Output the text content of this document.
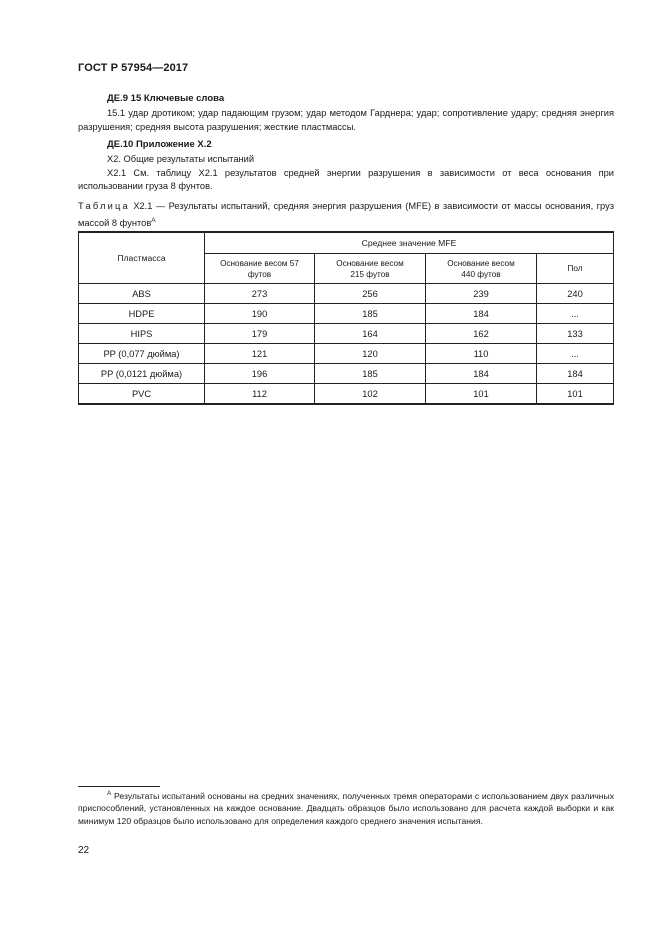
ГОСТ Р 57954—2017
ДЕ.9 15 Ключевые слова

15.1 удар дротиком; удар падающим грузом; удар методом Гарднера; удар; сопротивление удару; средняя энергия разрушения; средняя высота разрушения; жесткие пластмассы.

ДЕ.10 Приложение Х.2

Х2. Общие результаты испытаний

Х2.1 См. таблицу Х2.1 результатов средней энергии разрушения в зависимости от веса основания при использовании груза 8 фунтов.

Таблица Х2.1 — Результаты испытаний, средняя энергия разрушения (MFE) в зависимости от массы основания, груз массой 8 фунтов$^A$

Пластмасса	Среднее значение MFE			

	Основание весом 57 футов	Основание весом 215 футов	Основание весом 440 футов	Пол
ABS	273	256	239	240
HDPE	190	185	184	...
HIPS	179	164	162	133
PP (0,077 дюйма)	121	120	110	...
PP (0,0121 дюйма)	196	185	184	184
PVC	112	102	101	101
$^A$ Результаты испытаний основаны на средних значениях, полученных тремя операторами с использованием двух различных приспособлений, установленных на каждое основание. Двадцать образцов было использовано для расчета каждой выборки и как минимум 120 образцов было использовано для определения каждого среднего значения испытания.
22
